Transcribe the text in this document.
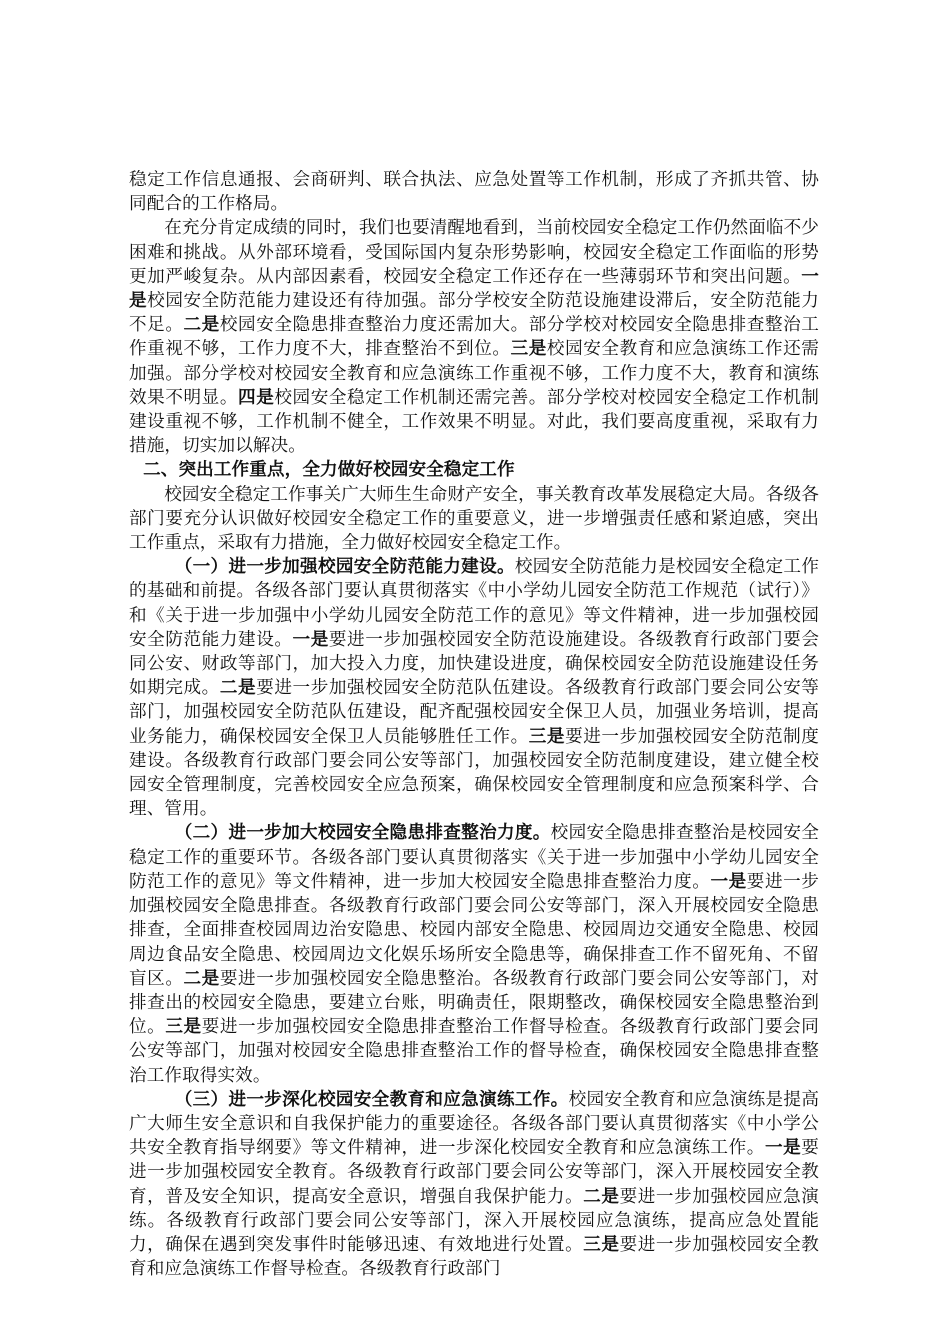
稳定工作信息通报、会商研判、联合执法、应急处置等工作机制，形成了齐抓共管、协同配合的工作格局。

在充分肯定成绩的同时，我们也要清醒地看到，当前校园安全稳定工作仍然面临不少困难和挑战。从外部环境看，受国际国内复杂形势影响，校园安全稳定工作面临的形势更加严峻复杂。从内部因素看，校园安全稳定工作还存在一些薄弱环节和突出问题。一是校园安全防范能力建设还有待加强。部分学校安全防范设施建设滞后，安全防范能力不足。二是校园安全隐患排查整治力度还需加大。部分学校对校园安全隐患排查整治工作重视不够，工作力度不大，排查整治不到位。三是校园安全教育和应急演练工作还需加强。部分学校对校园安全教育和应急演练工作重视不够，工作力度不大，教育和演练效果不明显。四是校园安全稳定工作机制还需完善。部分学校对校园安全稳定工作机制建设重视不够，工作机制不健全，工作效果不明显。对此，我们要高度重视，采取有力措施，切实加以解决。

二、突出工作重点，全力做好校园安全稳定工作

校园安全稳定工作事关广大师生生命财产安全，事关教育改革发展稳定大局。各级各部门要充分认识做好校园安全稳定工作的重要意义，进一步增强责任感和紧迫感，突出工作重点，采取有力措施，全力做好校园安全稳定工作。

（一）进一步加强校园安全防范能力建设。校园安全防范能力是校园安全稳定工作的基础和前提。各级各部门要认真贯彻落实《中小学幼儿园安全防范工作规范（试行）》和《关于进一步加强中小学幼儿园安全防范工作的意见》等文件精神，进一步加强校园安全防范能力建设。一是要进一步加强校园安全防范设施建设。各级教育行政部门要会同公安、财政等部门，加大投入力度，加快建设进度，确保校园安全防范设施建设任务如期完成。二是要进一步加强校园安全防范队伍建设。各级教育行政部门要会同公安等部门，加强校园安全防范队伍建设，配齐配强校园安全保卫人员，加强业务培训，提高业务能力，确保校园安全保卫人员能够胜任工作。三是要进一步加强校园安全防范制度建设。各级教育行政部门要会同公安等部门，加强校园安全防范制度建设，建立健全校园安全管理制度，完善校园安全应急预案，确保校园安全管理制度和应急预案科学、合理、管用。

（二）进一步加大校园安全隐患排查整治力度。校园安全隐患排查整治是校园安全稳定工作的重要环节。各级各部门要认真贯彻落实《关于进一步加强中小学幼儿园安全防范工作的意见》等文件精神，进一步加大校园安全隐患排查整治力度。一是要进一步加强校园安全隐患排查。各级教育行政部门要会同公安等部门，深入开展校园安全隐患排查，全面排查校园周边治安隐患、校园内部安全隐患、校园周边交通安全隐患、校园周边食品安全隐患、校园周边文化娱乐场所安全隐患等，确保排查工作不留死角、不留盲区。二是要进一步加强校园安全隐患整治。各级教育行政部门要会同公安等部门，对排查出的校园安全隐患，要建立台账，明确责任，限期整改，确保校园安全隐患整治到位。三是要进一步加强校园安全隐患排查整治工作督导检查。各级教育行政部门要会同公安等部门，加强对校园安全隐患排查整治工作的督导检查，确保校园安全隐患排查整治工作取得实效。

（三）进一步深化校园安全教育和应急演练工作。校园安全教育和应急演练是提高广大师生安全意识和自我保护能力的重要途径。各级各部门要认真贯彻落实《中小学公共安全教育指导纲要》等文件精神，进一步深化校园安全教育和应急演练工作。一是要进一步加强校园安全教育。各级教育行政部门要会同公安等部门，深入开展校园安全教育，普及安全知识，提高安全意识，增强自我保护能力。二是要进一步加强校园应急演练。各级教育行政部门要会同公安等部门，深入开展校园应急演练，提高应急处置能力，确保在遇到突发事件时能够迅速、有效地进行处置。三是要进一步加强校园安全教育和应急演练工作督导检查。各级教育行政部门
